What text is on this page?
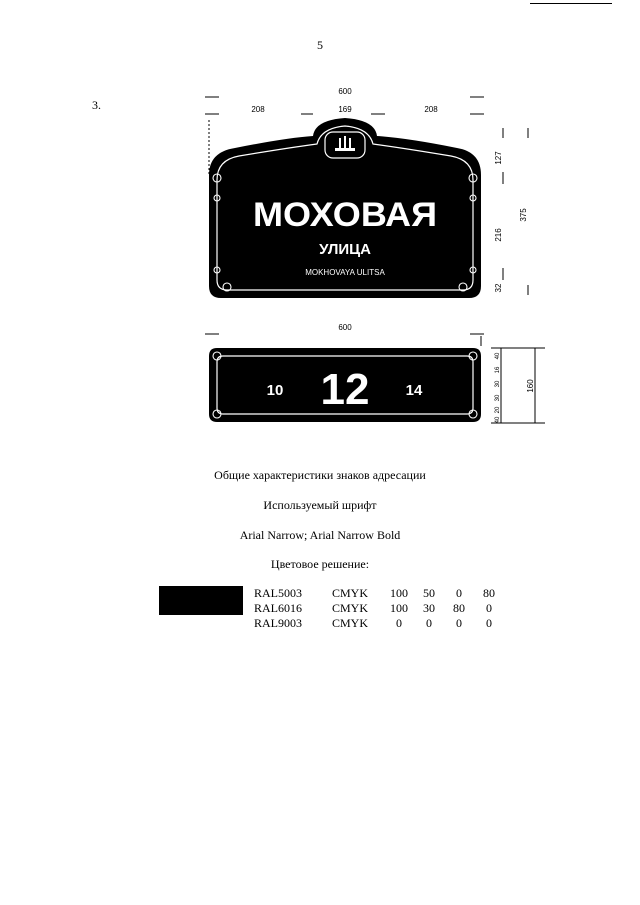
5
3.
600
208	169	208
127
216
375
32
МОХОВАЯ
УЛИЦА
MOKHOVAYA ULITSA
600
160
40
16
30
30
20
40
10 12 14
Общие характеристики знаков адресации
Используемый шрифт
Arial Narrow; Arial Narrow Bold
Цветовое решение:
RAL5003	CMYK	100	50	0	80
RAL6016	CMYK	100	30	80	0
RAL9003	CMYK	0	0	0	0
